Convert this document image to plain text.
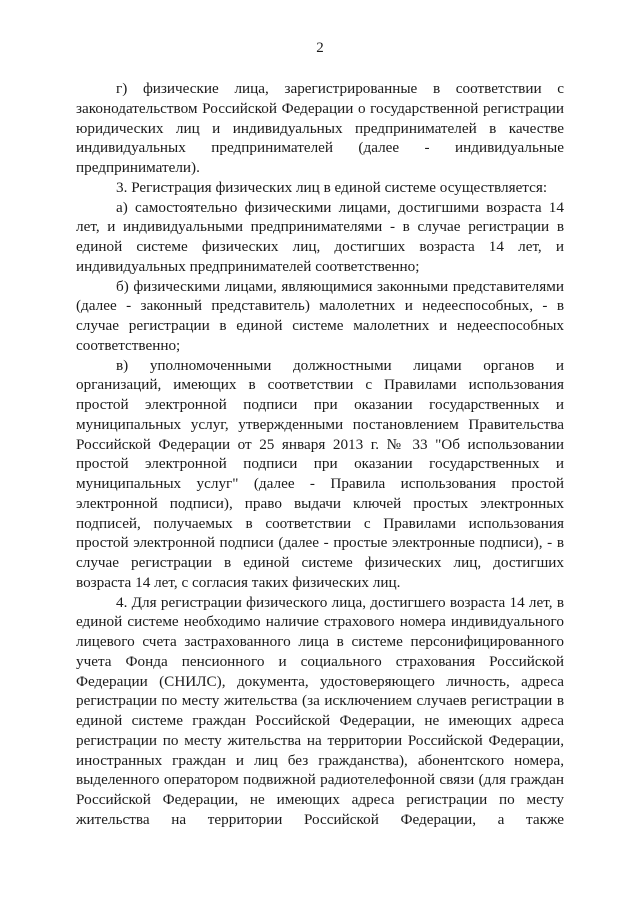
2

г) физические лица, зарегистрированные в соответствии с законодательством Российской Федерации о государственной регистрации юридических лиц и индивидуальных предпринимателей в качестве индивидуальных предпринимателей (далее - индивидуальные предприниматели).

3. Регистрация физических лиц в единой системе осуществляется:

а) самостоятельно физическими лицами, достигшими возраста 14 лет, и индивидуальными предпринимателями - в случае регистрации в единой системе физических лиц, достигших возраста 14 лет, и индивидуальных предпринимателей соответственно;

б) физическими лицами, являющимися законными представителями (далее - законный представитель) малолетних и недееспособных, - в случае регистрации в единой системе малолетних и недееспособных соответственно;

в) уполномоченными должностными лицами органов и организаций, имеющих в соответствии с Правилами использования простой электронной подписи при оказании государственных и муниципальных услуг, утвержденными постановлением Правительства Российской Федерации от 25 января 2013 г. № 33 "Об использовании простой электронной подписи при оказании государственных и муниципальных услуг" (далее - Правила использования простой электронной подписи), право выдачи ключей простых электронных подписей, получаемых в соответствии с Правилами использования простой электронной подписи (далее - простые электронные подписи), - в случае регистрации в единой системе физических лиц, достигших возраста 14 лет, с согласия таких физических лиц.

4. Для регистрации физического лица, достигшего возраста 14 лет, в единой системе необходимо наличие страхового номера индивидуального лицевого счета застрахованного лица в системе персонифицированного учета Фонда пенсионного и социального страхования Российской Федерации (СНИЛС), документа, удостоверяющего личность, адреса регистрации по месту жительства (за исключением случаев регистрации в единой системе граждан Российской Федерации, не имеющих адреса регистрации по месту жительства на территории Российской Федерации, иностранных граждан и лиц без гражданства), абонентского номера, выделенного оператором подвижной радиотелефонной связи (для граждан Российской Федерации, не имеющих адреса регистрации по месту жительства на территории Российской Федерации, а также
